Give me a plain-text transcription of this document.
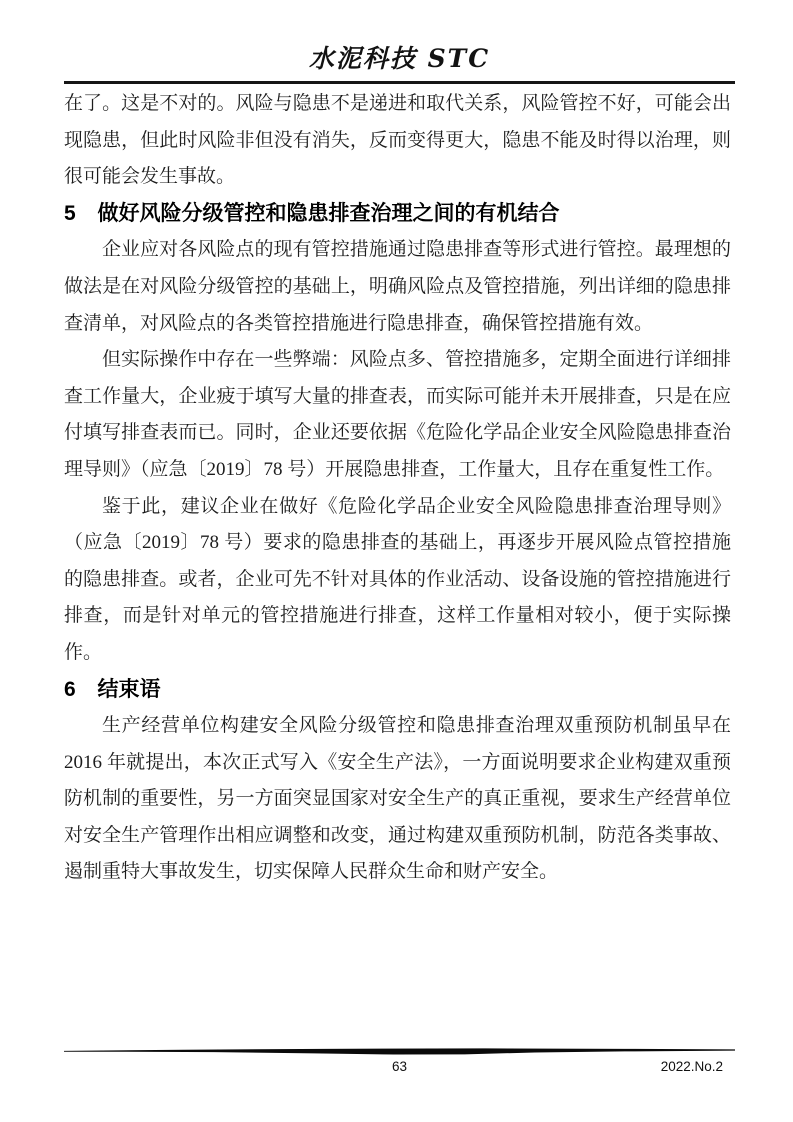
水泥科技 STC

在了。这是不对的。风险与隐患不是递进和取代关系，风险管控不好，可能会出现隐患，但此时风险非但没有消失，反而变得更大，隐患不能及时得以治理，则很可能会发生事故。

5 做好风险分级管控和隐患排查治理之间的有机结合

企业应对各风险点的现有管控措施通过隐患排查等形式进行管控。最理想的做法是在对风险分级管控的基础上，明确风险点及管控措施，列出详细的隐患排查清单，对风险点的各类管控措施进行隐患排查，确保管控措施有效。

但实际操作中存在一些弊端：风险点多、管控措施多，定期全面进行详细排查工作量大，企业疲于填写大量的排查表，而实际可能并未开展排查，只是在应付填写排查表而已。同时，企业还要依据《危险化学品企业安全风险隐患排查治理导则》（应急〔2019〕78 号）开展隐患排查，工作量大，且存在重复性工作。

鉴于此，建议企业在做好《危险化学品企业安全风险隐患排查治理导则》（应急〔2019〕78 号）要求的隐患排查的基础上，再逐步开展风险点管控措施的隐患排查。或者，企业可先不针对具体的作业活动、设备设施的管控措施进行排查，而是针对单元的管控措施进行排查，这样工作量相对较小，便于实际操作。

6 结束语

生产经营单位构建安全风险分级管控和隐患排查治理双重预防机制虽早在2016 年就提出，本次正式写入《安全生产法》，一方面说明要求企业构建双重预防机制的重要性，另一方面突显国家对安全生产的真正重视，要求生产经营单位对安全生产管理作出相应调整和改变，通过构建双重预防机制，防范各类事故、遏制重特大事故发生，切实保障人民群众生命和财产安全。

63	2022.No.2
